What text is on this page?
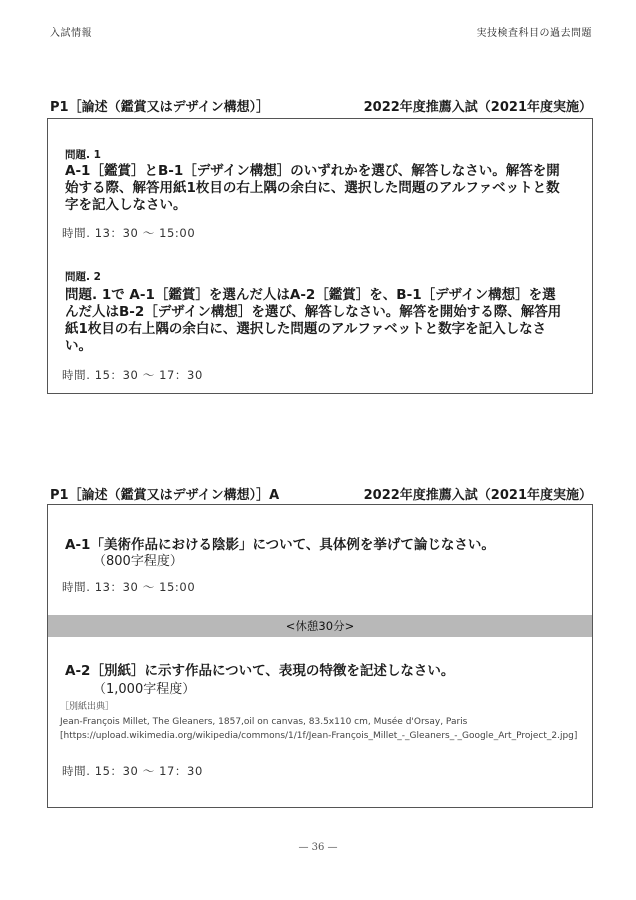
入試情報	実技検査科目の過去問題
P1［論述（鑑賞又はデザイン構想）］	2022年度推薦入試（2021年度実施）
問題. 1
A-1［鑑賞］とB-1［デザイン構想］のいずれかを選び、解答しなさい。解答を開始する際、解答用紙1枚目の右上隅の余白に、選択した問題のアルファベットと数字を記入しなさい。
時間. 13：30 〜 15:00
問題. 2
問題. 1で A-1［鑑賞］を選んだ人はA-2［鑑賞］を、B-1［デザイン構想］を選んだ人はB-2［デザイン構想］を選び、解答しなさい。解答を開始する際、解答用紙1枚目の右上隅の余白に、選択した問題のアルファベットと数字を記入しなさい。
時間. 15：30 〜 17：30
P1［論述（鑑賞又はデザイン構想）］A	2022年度推薦入試（2021年度実施）
A-1「美術作品における陰影」について、具体例を挙げて論じなさい。
（800字程度）
時間. 13：30 〜 15:00
<休憩30分>
A-2［別紙］に示す作品について、表現の特徴を記述しなさい。
（1,000字程度）
［別紙出典］
Jean-François Millet, The Gleaners, 1857,oil on canvas, 83.5x110 cm, Musée d'Orsay, Paris [https://upload.wikimedia.org/wikipedia/commons/1/1f/Jean-François_Millet_-_Gleaners_-_Google_Art_Project_2.jpg]
時間. 15：30 〜 17：30
— 36 —
